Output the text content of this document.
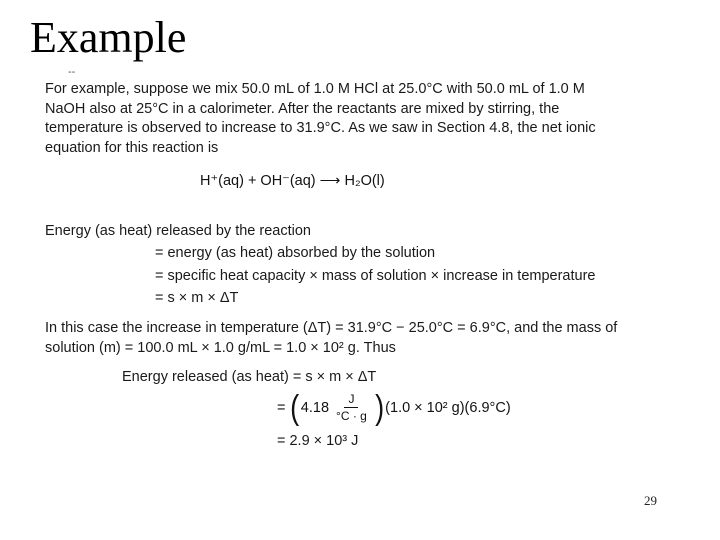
Example
--
For example, suppose we mix 50.0 mL of 1.0 M HCl at 25.0°C with 50.0 mL of 1.0 M NaOH also at 25°C in a calorimeter. After the reactants are mixed by stirring, the temperature is observed to increase to 31.9°C. As we saw in Section 4.8, the net ionic equation for this reaction is
H⁺(aq) + OH⁻(aq) ⟶ H₂O(l)
Energy (as heat) released by the reaction
= energy (as heat) absorbed by the solution
= specific heat capacity × mass of solution × increase in temperature
= s × m × ΔT
In this case the increase in temperature (ΔT) = 31.9°C − 25.0°C = 6.9°C, and the mass of solution (m) = 100.0 mL × 1.0 g/mL = 1.0 × 10² g. Thus
Energy released (as heat) = s × m × ΔT
= ( $4.18 \frac{J}{^\circ C \cdot g}$ ) (1.0 × 10² g)(6.9°C)
= 2.9 × 10³ J
29
